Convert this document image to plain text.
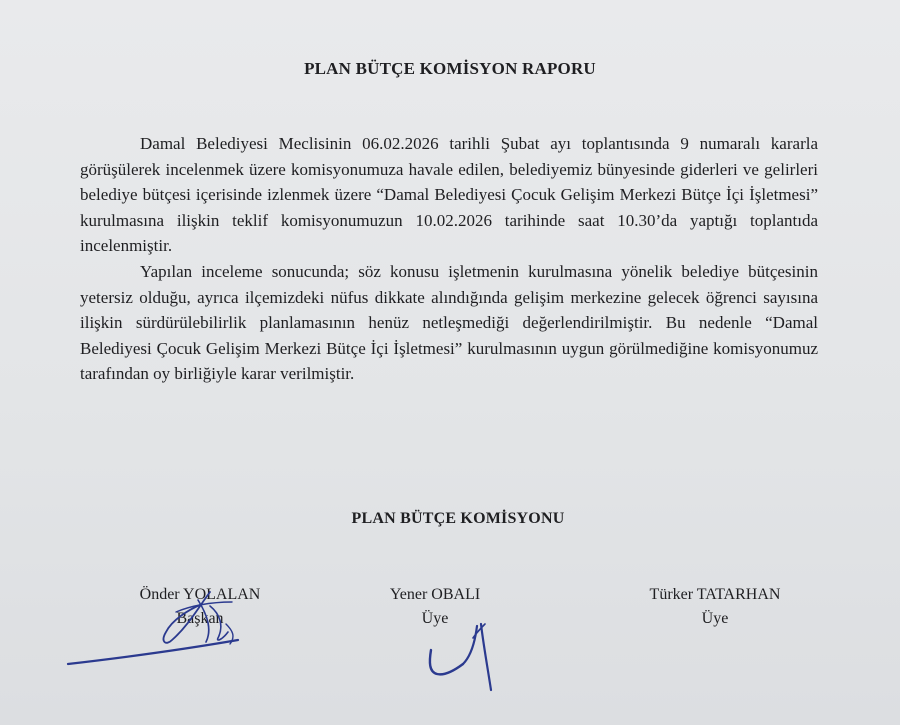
PLAN BÜTÇE KOMİSYON RAPORU

Damal Belediyesi Meclisinin 06.02.2026 tarihli Şubat ayı toplantısında 9 numaralı kararla görüşülerek incelenmek üzere komisyonumuza havale edilen, belediyemiz bünyesinde giderleri ve gelirleri belediye bütçesi içerisinde izlenmek üzere “Damal Belediyesi Çocuk Gelişim Merkezi Bütçe İçi İşletmesi” kurulmasına ilişkin teklif komisyonumuzun 10.02.2026 tarihinde saat 10.30’da yaptığı toplantıda incelenmiştir.

Yapılan inceleme sonucunda; söz konusu işletmenin kurulmasına yönelik belediye bütçesinin yetersiz olduğu, ayrıca ilçemizdeki nüfus dikkate alındığında gelişim merkezine gelecek öğrenci sayısına ilişkin sürdürülebilirlik planlamasının henüz netleşmediği değerlendirilmiştir. Bu nedenle “Damal Belediyesi Çocuk Gelişim Merkezi Bütçe İçi İşletmesi” kurulmasının uygun görülmediğine komisyonumuz tarafından oy birliğiyle karar verilmiştir.

PLAN BÜTÇE KOMİSYONU
Önder YOLALAN
Başkan
Yener OBALI
Üye
Türker TATARHAN
Üye
